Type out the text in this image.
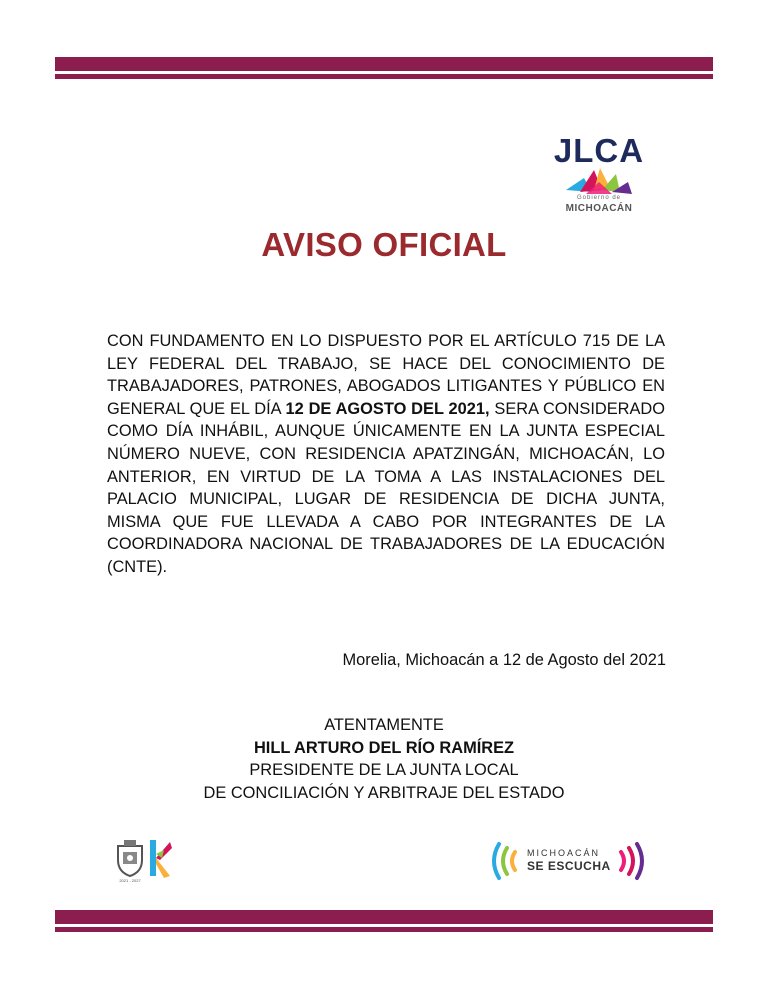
JLCA
Gobierno de
MICHOACÁN
AVISO OFICIAL
CON FUNDAMENTO EN LO DISPUESTO POR EL ARTÍCULO 715 DE LA LEY FEDERAL DEL TRABAJO, SE HACE DEL CONOCIMIENTO DE TRABAJADORES, PATRONES, ABOGADOS LITIGANTES Y PÚBLICO EN GENERAL QUE EL DÍA 12 DE AGOSTO DEL 2021, SERA CONSIDERADO COMO DÍA INHÁBIL, AUNQUE ÚNICAMENTE EN LA JUNTA ESPECIAL NÚMERO NUEVE, CON RESIDENCIA APATZINGÁN, MICHOACÁN, LO ANTERIOR, EN VIRTUD DE LA TOMA A LAS INSTALACIONES DEL PALACIO MUNICIPAL, LUGAR DE RESIDENCIA DE DICHA JUNTA, MISMA QUE FUE LLEVADA A CABO POR INTEGRANTES DE LA COORDINADORA NACIONAL DE TRABAJADORES DE LA EDUCACIÓN (CNTE).
Morelia, Michoacán a 12 de Agosto del 2021
ATENTAMENTE
HILL ARTURO DEL RÍO RAMÍREZ
PRESIDENTE DE LA JUNTA LOCAL
DE CONCILIACIÓN Y ARBITRAJE DEL ESTADO
2021 - 2027
MICHOACÁN
SE ESCUCHA
